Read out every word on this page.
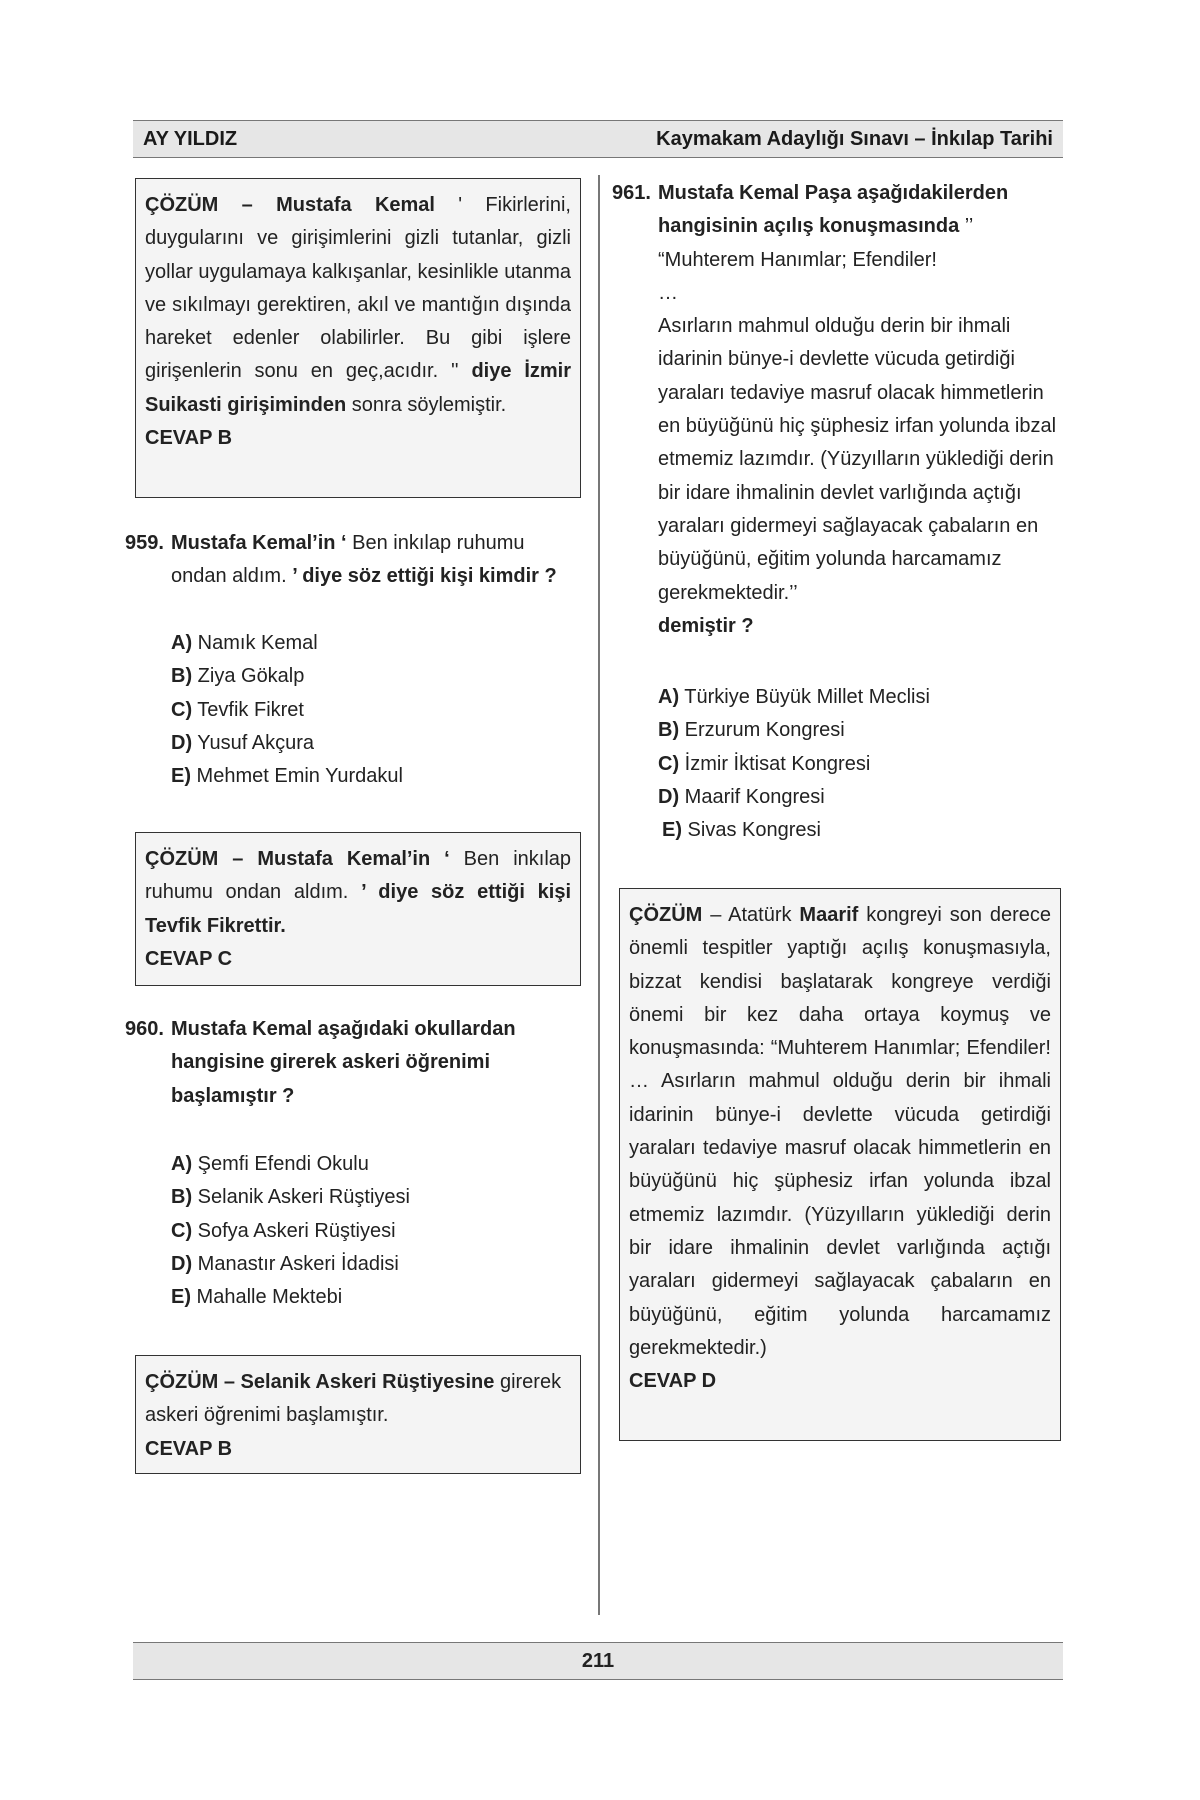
AY YILDIZ	Kaymakam Adaylığı Sınavı – İnkılap Tarihi
ÇÖZÜM – Mustafa Kemal ' Fikirlerini, duygularını ve girişimlerini gizli tutanlar, gizli yollar uygulamaya kalkışanlar, kesinlikle utanma ve sıkılmayı gerektiren, akıl ve mantığın dışında hareket edenler olabilirler. Bu gibi işlere girişenlerin sonu en geç,acıdır. '' diye İzmir Suikasti girişiminden sonra söylemiştir.
CEVAP B
959. Mustafa Kemal’in ‘ Ben inkılap ruhumu ondan aldım. ’ diye söz ettiği kişi kimdir ?
A) Namık Kemal
B) Ziya Gökalp
C) Tevfik Fikret
D) Yusuf Akçura
E) Mehmet Emin Yurdakul
ÇÖZÜM – Mustafa Kemal’in ‘ Ben inkılap ruhumu ondan aldım. ’ diye söz ettiği kişi Tevfik Fikrettir.
CEVAP C
960. Mustafa Kemal aşağıdaki okullardan hangisine girerek askeri öğrenimi başlamıştır ?
A) Şemfi Efendi Okulu
B) Selanik Askeri Rüştiyesi
C) Sofya Askeri Rüştiyesi
D) Manastır Askeri İdadisi
E) Mahalle Mektebi
ÇÖZÜM – Selanik Askeri Rüştiyesine girerek askeri öğrenimi başlamıştır.
CEVAP B
961. Mustafa Kemal Paşa aşağıdakilerden
hangisinin açılış konuşmasında ’’
“Muhterem Hanımlar; Efendiler!
…
Asırların mahmul olduğu derin bir ihmali idarinin bünye-i devlette vücuda getirdiği yaraları tedaviye masruf olacak himmetlerin en büyüğünü hiç şüphesiz irfan yolunda ibzal etmemiz lazımdır. (Yüzyılların yüklediği derin bir idare ihmalinin devlet varlığında açtığı yaraları gidermeyi sağlayacak çabaların en büyüğünü, eğitim yolunda harcamamız gerekmektedir.’’
demiştir ?
A) Türkiye Büyük Millet Meclisi
B) Erzurum Kongresi
C) İzmir İktisat Kongresi
D) Maarif Kongresi
E) Sivas Kongresi
ÇÖZÜM – Atatürk Maarif kongreyi son derece önemli tespitler yaptığı açılış konuşmasıyla, bizzat kendisi başlatarak kongreye verdiği önemi bir kez daha ortaya koymuş ve konuşmasında: “Muhterem Hanımlar; Efendiler! … Asırların mahmul olduğu derin bir ihmali idarinin bünye-i devlette vücuda getirdiği yaraları tedaviye masruf olacak himmetlerin en büyüğünü hiç şüphesiz irfan yolunda ibzal etmemiz lazımdır. (Yüzyılların yüklediği derin bir idare ihmalinin devlet varlığında açtığı yaraları gidermeyi sağlayacak çabaların en büyüğünü, eğitim yolunda harcamamız gerekmektedir.)
CEVAP D
211
